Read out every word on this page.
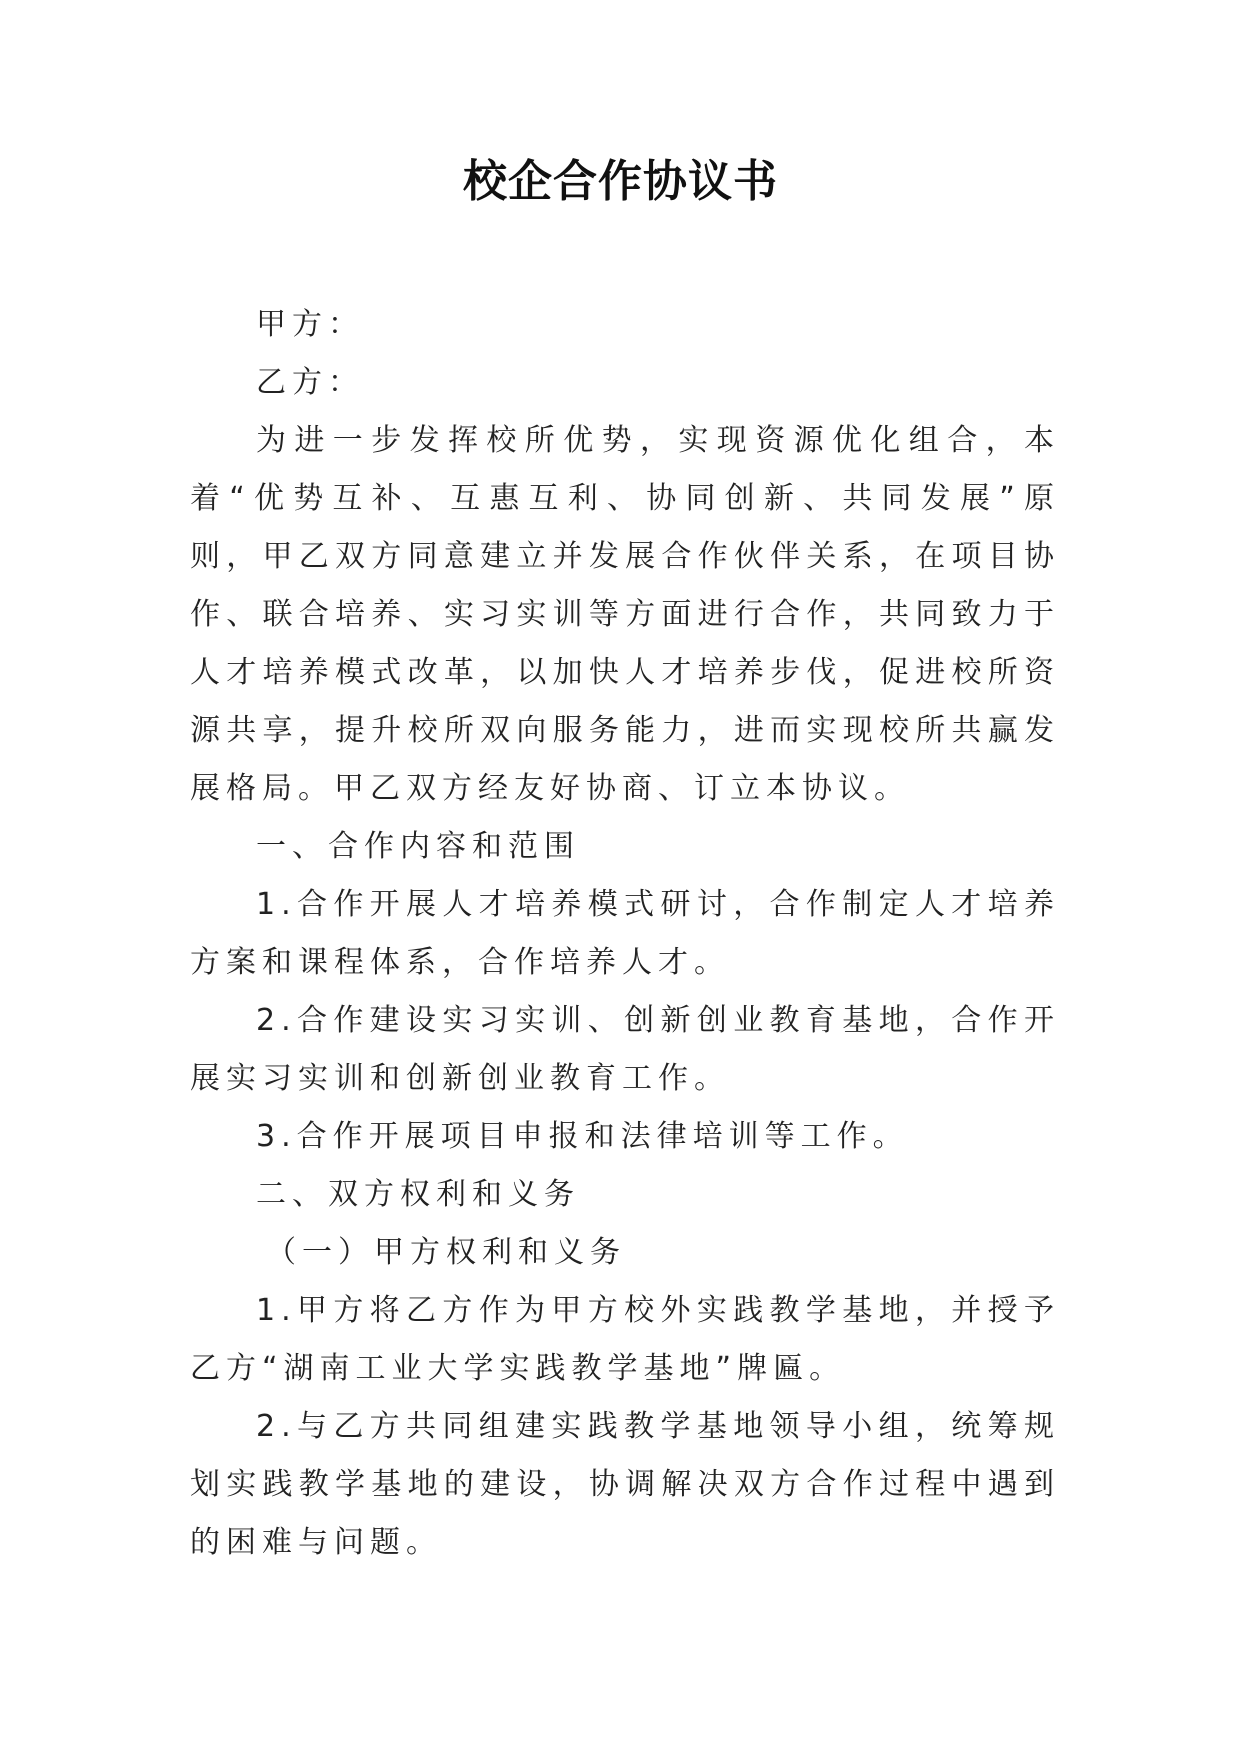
校企合作协议书

甲方：

乙方：

为进一步发挥校所优势，实现资源优化组合，本着“优势互补、互惠互利、协同创新、共同发展”原则，甲乙双方同意建立并发展合作伙伴关系，在项目协作、联合培养、实习实训等方面进行合作，共同致力于人才培养模式改革，以加快人才培养步伐，促进校所资源共享，提升校所双向服务能力，进而实现校所共赢发展格局。甲乙双方经友好协商、订立本协议。

一、合作内容和范围

1.合作开展人才培养模式研讨，合作制定人才培养方案和课程体系，合作培养人才。

2.合作建设实习实训、创新创业教育基地，合作开展实习实训和创新创业教育工作。

3.合作开展项目申报和法律培训等工作。

二、双方权利和义务

（一）甲方权利和义务

1.甲方将乙方作为甲方校外实践教学基地，并授予乙方“湖南工业大学实践教学基地”牌匾。

2.与乙方共同组建实践教学基地领导小组，统筹规划实践教学基地的建设，协调解决双方合作过程中遇到的困难与问题。
